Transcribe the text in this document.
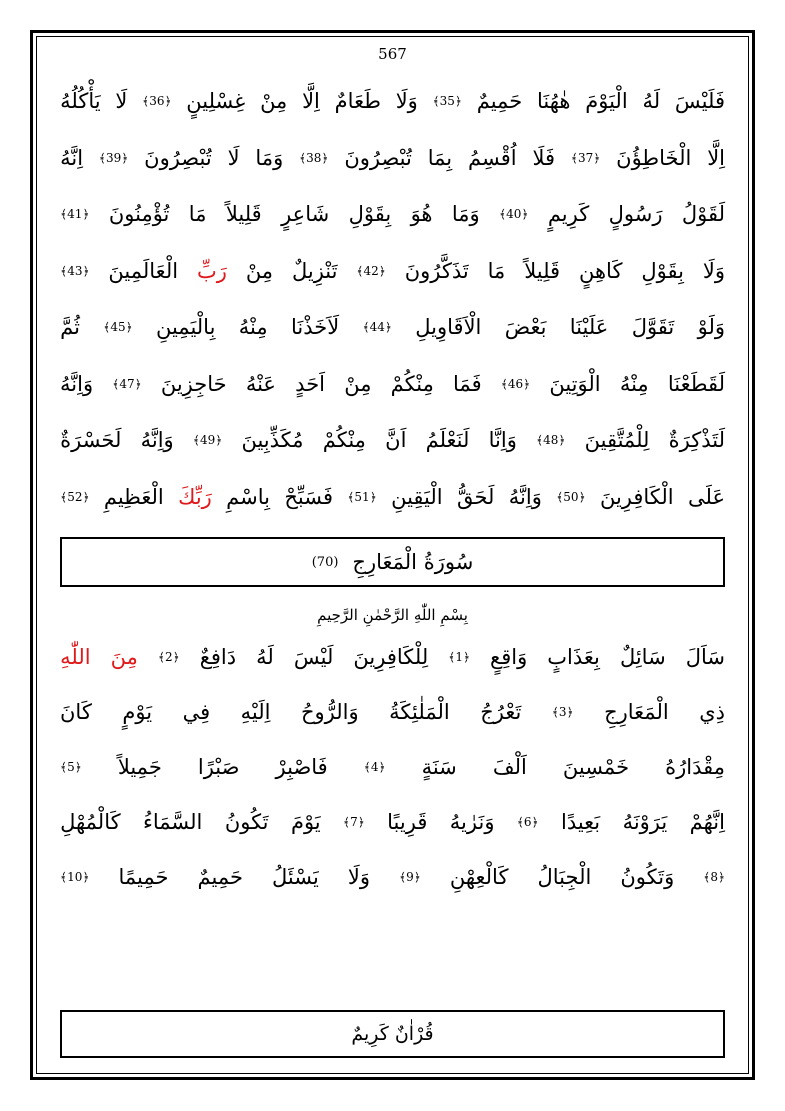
567
فَلَيْسَ
لَهُ
الْيَوْمَ
هٰهُنَا
حَمِيمٌ
﴿35﴾
وَلَا
طَعَامٌ
اِلَّا
مِنْ
غِسْلِينٍ
﴿36﴾
لَا
يَأْكُلُهُ
اِلَّا
الْخَاطِؤُنَ
﴿37﴾
فَلَا
اُقْسِمُ
بِمَا
تُبْصِرُونَ
﴿38﴾
وَمَا
لَا
تُبْصِرُونَ
﴿39﴾
اِنَّهُ
لَقَوْلُ
رَسُولٍ
كَرِيمٍ
﴿40﴾
وَمَا
هُوَ
بِقَوْلِ
شَاعِرٍ
قَلِيلاً
مَا
تُؤْمِنُونَ
﴿41﴾
وَلَا
بِقَوْلِ
كَاهِنٍ
قَلِيلاً
مَا
تَذَكَّرُونَ
﴿42﴾
تَنْزِيلٌ
مِنْ
رَبِّ
الْعَالَمِينَ
﴿43﴾
وَلَوْ
تَقَوَّلَ
عَلَيْنَا
بَعْضَ
الْاَقَاوِيلِ
﴿44﴾
لَاَخَذْنَا
مِنْهُ
بِالْيَمِينِ
﴿45﴾
ثُمَّ
لَقَطَعْنَا
مِنْهُ
الْوَتِينَ
﴿46﴾
فَمَا
مِنْكُمْ
مِنْ
اَحَدٍ
عَنْهُ
حَاجِزِينَ
﴿47﴾
وَاِنَّهُ
لَتَذْكِرَةٌ
لِلْمُتَّقِينَ
﴿48﴾
وَاِنَّا
لَنَعْلَمُ
اَنَّ
مِنْكُمْ
مُكَذِّبِينَ
﴿49﴾
وَاِنَّهُ
لَحَسْرَةٌ
عَلَى
الْكَافِرِينَ
﴿50﴾
وَاِنَّهُ
لَحَقُّ
الْيَقِينِ
﴿51﴾
فَسَبِّحْ
بِاسْمِ
رَبِّكَ
الْعَظِيمِ
﴿52﴾
سُورَةُ الْمَعَارِجِ
(70)
بِسْمِ اللّٰهِ الرَّحْمٰنِ الرَّحِيمِ
سَاَلَ
سَائِلٌ
بِعَذَابٍ
وَاقِعٍ
﴿1﴾
لِلْكَافِرِينَ
لَيْسَ
لَهُ
دَافِعٌ
﴿2﴾
مِنَ
اللّٰهِ
ذِي
الْمَعَارِجِ
﴿3﴾
تَعْرُجُ
الْمَلٰئِكَةُ
وَالرُّوحُ
اِلَيْهِ
فِي
يَوْمٍ
كَانَ
مِقْدَارُهُ
خَمْسِينَ
اَلْفَ
سَنَةٍ
﴿4﴾
فَاصْبِرْ
صَبْرًا
جَمِيلاً
﴿5﴾
اِنَّهُمْ
يَرَوْنَهُ
بَعِيدًا
﴿6﴾
وَنَرٰيهُ
قَرِيبًا
﴿7﴾
يَوْمَ
تَكُونُ
السَّمَاءُ
كَالْمُهْلِ
﴿8﴾
وَتَكُونُ
الْجِبَالُ
كَالْعِهْنِ
﴿9﴾
وَلَا
يَسْئَلُ
حَمِيمٌ
حَمِيمًا
﴿10﴾
قُرْاٰنٌ كَرِيمٌ
